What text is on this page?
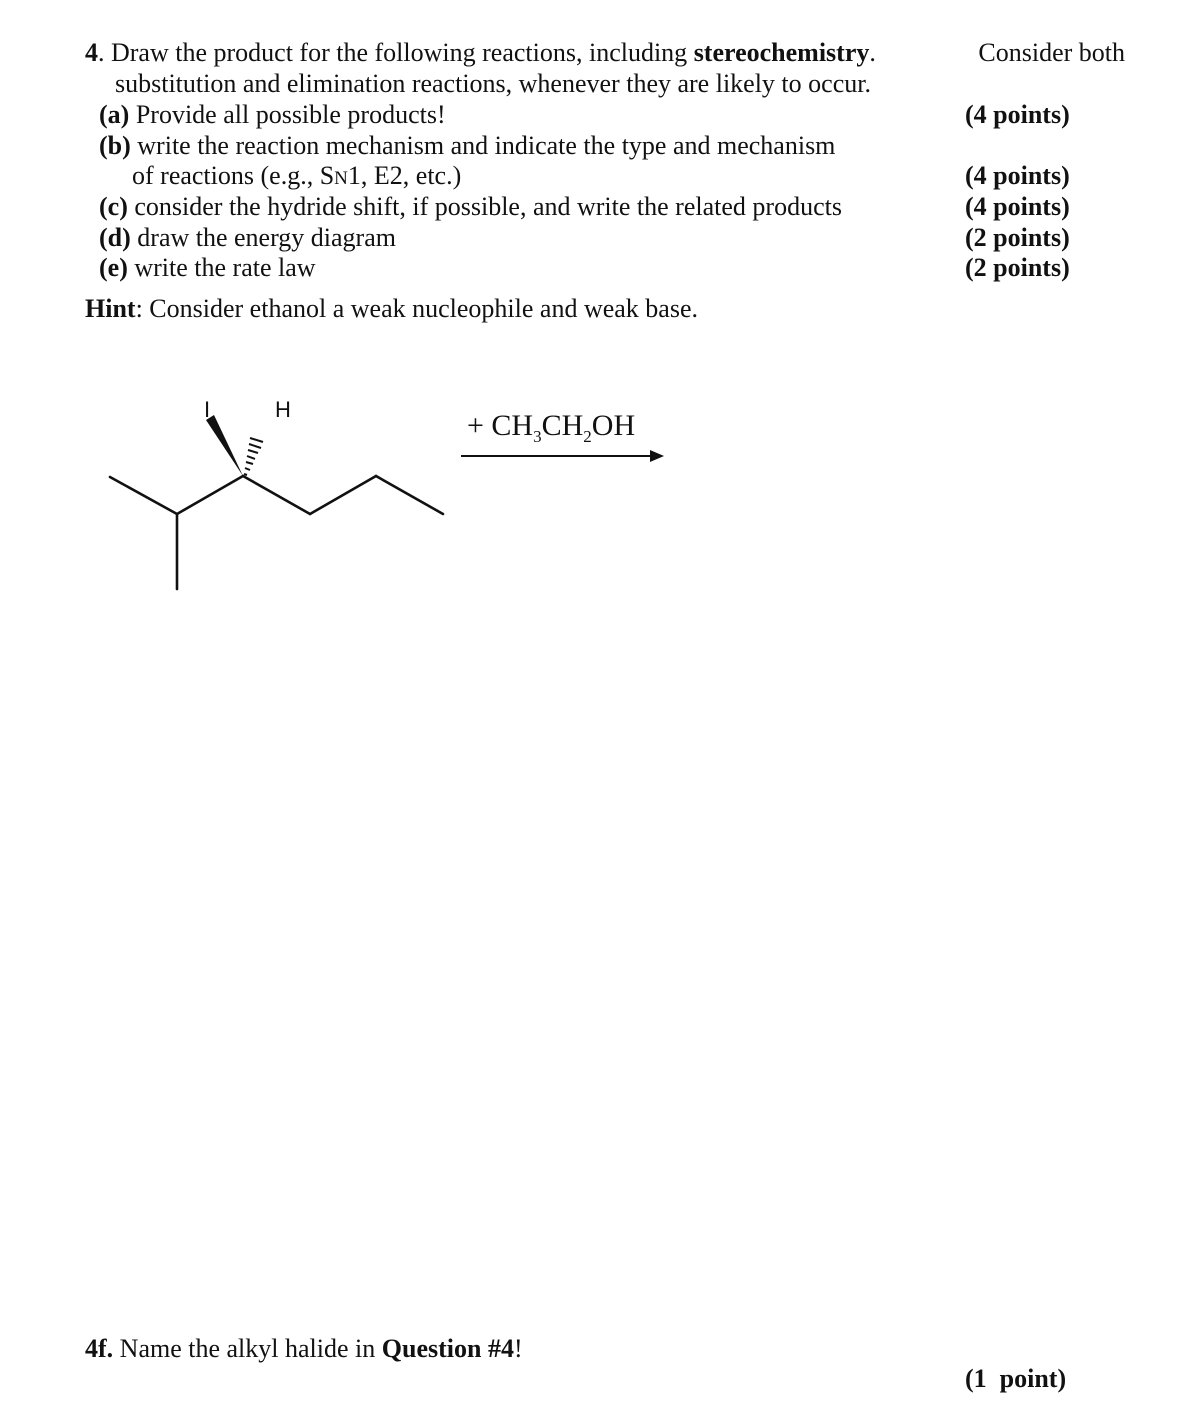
4. Draw the product for the following reactions, including stereochemistry.	Consider both
substitution and elimination reactions, whenever they are likely to occur.
(a) Provide all possible products!	(4 points)
(b) write the reaction mechanism and indicate the type and mechanism
of reactions (e.g., SN1, E2, etc.)	(4 points)
(c) consider the hydride shift, if possible, and write the related products	(4 points)
(d) draw the energy diagram	(2 points)
(e) write the rate law	(2 points)
Hint: Consider ethanol a weak nucleophile and weak base.
I	H	+ $CH_3CH_2OH$
4f. Name the alkyl halide in Question #4!
(1  point)
